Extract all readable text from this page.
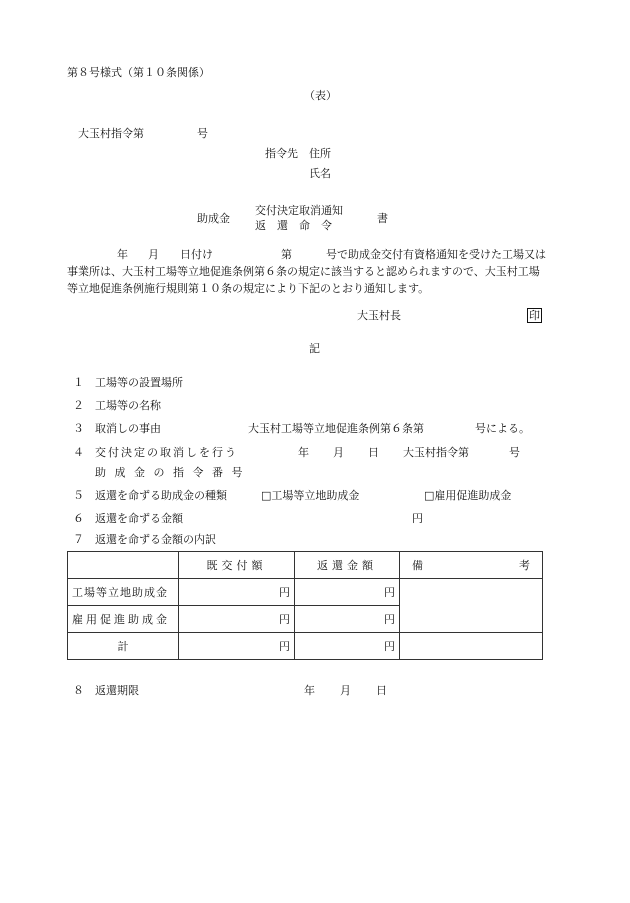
第８号様式（第１０条関係）
（表）
大玉村指令第	号
指令先 住所
氏名
助成金
交付決定取消通知
返　還　命　令
書
年 月 日付け	第	号で助成金交付有資格通知を受けた工場又は
事業所は、大玉村工場等立地促進条例第６条の規定に該当すると認められますので、大玉村工場
等立地促進条例施行規則第１０条の規定により下記のとおり通知します。
大玉村長	印
記
１ 工場等の設置場所
２ 工場等の名称
３ 取消しの事由	大玉村工場等立地促進条例第６条第	号による。
４ 交付決定の取消しを行う	年 月 日 大玉村指令第	号
助成金の指令番号
５ 返還を命ずる助成金の種類	□工場等立地助成金	□雇用促進助成金
６ 返還を命ずる金額	円
７ 返還を命ずる金額の内訳
	既交付額	返還金額	備 考

工場等立地助成金	円	円	
雇用促進助成金	円	円	
計	円	円	
８ 返還期限	年 月 日
